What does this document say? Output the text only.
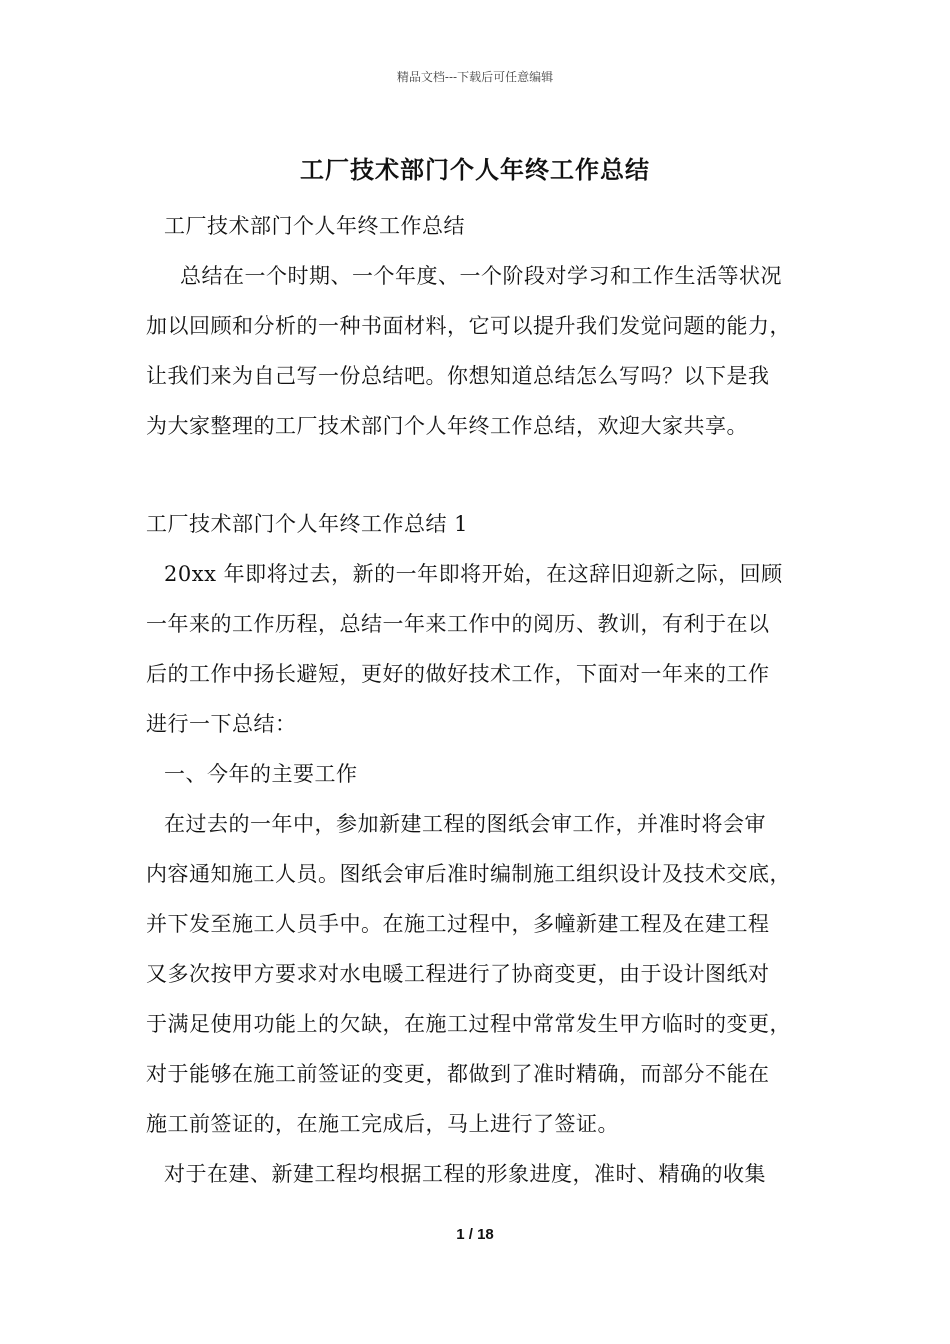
精品文档---下载后可任意编辑
工厂技术部门个人年终工作总结
工厂技术部门个人年终工作总结
总结在一个时期、一个年度、一个阶段对学习和工作生活等状况
加以回顾和分析的一种书面材料，它可以提升我们发觉问题的能力，
让我们来为自己写一份总结吧。你想知道总结怎么写吗？以下是我
为大家整理的工厂技术部门个人年终工作总结，欢迎大家共享。
工厂技术部门个人年终工作总结 1
20xx 年即将过去，新的一年即将开始，在这辞旧迎新之际，回顾
一年来的工作历程，总结一年来工作中的阅历、教训，有利于在以
后的工作中扬长避短，更好的做好技术工作，下面对一年来的工作
进行一下总结：
一、今年的主要工作
在过去的一年中，参加新建工程的图纸会审工作，并准时将会审
内容通知施工人员。图纸会审后准时编制施工组织设计及技术交底，
并下发至施工人员手中。在施工过程中，多幢新建工程及在建工程
又多次按甲方要求对水电暖工程进行了协商变更，由于设计图纸对
于满足使用功能上的欠缺，在施工过程中常常发生甲方临时的变更，
对于能够在施工前签证的变更，都做到了准时精确，而部分不能在
施工前签证的，在施工完成后，马上进行了签证。
对于在建、新建工程均根据工程的形象进度，准时、精确的收集
1 / 18
